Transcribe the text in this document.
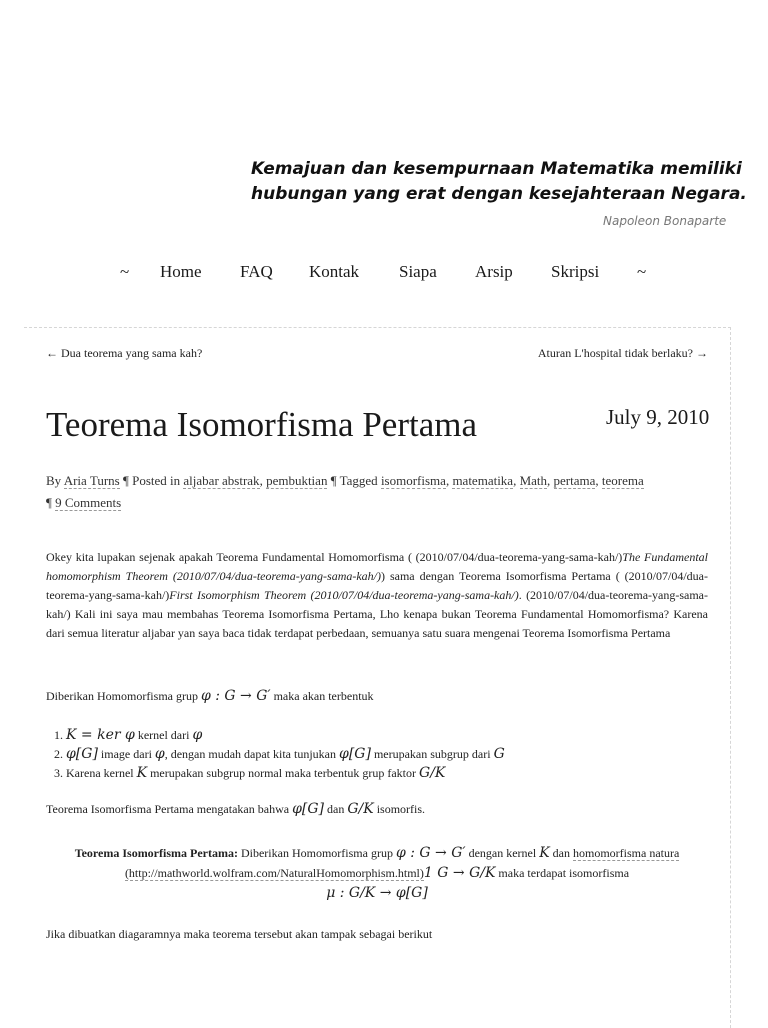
Kemajuan dan kesempurnaan Matematika memiliki
hubungan yang erat dengan kesejahteraan Negara.
Napoleon Bonaparte
~ Home FAQ Kontak Siapa Arsip Skripsi ~
← Dua teorema yang sama kah?	Aturan L'hospital tidak berlaku? →
Teorema Isomorfisma Pertama	July 9, 2010
By Aria Turns ¶ Posted in aljabar abstrak, pembuktian ¶ Tagged isomorfisma, matematika, Math, pertama, teorema
¶ 9 Comments

Okey kita lupakan sejenak apakah Teorema Fundamental Homomorfisma ( (2010/07/04/dua-teorema-yang-sama-kah/)The Fundamental homomorphism Theorem (2010/07/04/dua-teorema-yang-sama-kah/)) sama dengan Teorema Isomorfisma Pertama ( (2010/07/04/dua-teorema-yang-sama-kah/)First Isomorphism Theorem (2010/07/04/dua-teorema-yang-sama-kah/). (2010/07/04/dua-teorema-yang-sama-kah/) Kali ini saya mau membahas Teorema Isomorfisma Pertama, Lho kenapa bukan Teorema Fundamental Homomorfisma? Karena dari semua literatur aljabar yan saya baca tidak terdapat perbedaan, semuanya satu suara mengenai Teorema Isomorfisma Pertama

Diberikan Homomorfisma grup φ : G → G′ maka akan terbentuk

1. K = ker φ kernel dari φ
2. φ[G] image dari φ, dengan mudah dapat kita tunjukan φ[G] merupakan subgrup dari G
3. Karena kernel K merupakan subgrup normal maka terbentuk grup faktor G/K

Teorema Isomorfisma Pertama mengatakan bahwa φ[G] dan G/K isomorfis.

Teorema Isomorfisma Pertama: Diberikan Homomorfisma grup φ : G → G′ dengan kernel K dan homomorfisma natura (http://mathworld.wolfram.com/NaturalHomomorphism.html)1 G → G/K maka terdapat isomorfisma
μ : G/K → φ[G]

Jika dibuatkan diagaramnya maka teorema tersebut akan tampak sebagai berikut
